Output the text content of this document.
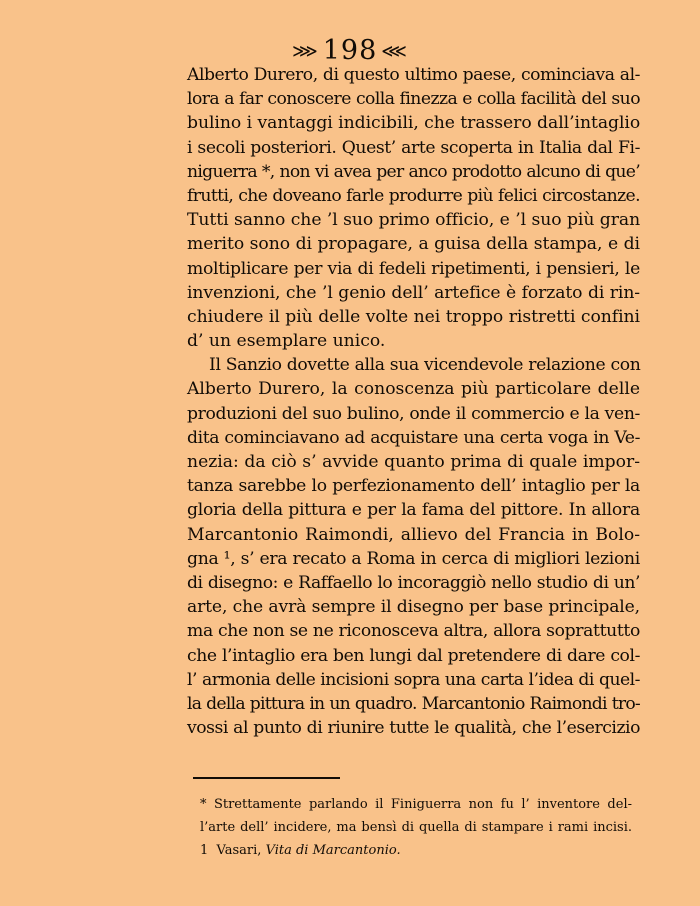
⋙ 198 ⋘
Alberto Durero, di questo ultimo paese, cominciava al-
lora a far conoscere colla finezza e colla facilità del suo
bulino i vantaggi indicibili, che trassero dall’intaglio
i secoli posteriori. Quest’ arte scoperta in Italia dal Fi-
niguerra *, non vi avea per anco prodotto alcuno di que’
frutti, che doveano farle produrre più felici circostanze.
Tutti sanno che ’l suo primo officio, e ’l suo più gran
merito sono di propagare, a guisa della stampa, e di
moltiplicare per via di fedeli ripetimenti, i pensieri, le
invenzioni, che ’l genio dell’ artefice è forzato di rin-
chiudere il più delle volte nei troppo ristretti confini
d’ un esemplare unico.
Il Sanzio dovette alla sua vicendevole relazione con
Alberto Durero, la conoscenza più particolare delle
produzioni del suo bulino, onde il commercio e la ven-
dita cominciavano ad acquistare una certa voga in Ve-
nezia: da ciò s’ avvide quanto prima di quale impor-
tanza sarebbe lo perfezionamento dell’ intaglio per la
gloria della pittura e per la fama del pittore. In allora
Marcantonio Raimondi, allievo del Francia in Bolo-
gna ¹, s’ era recato a Roma in cerca di migliori lezioni
di disegno: e Raffaello lo incoraggiò nello studio di un’
arte, che avrà sempre il disegno per base principale,
ma che non se ne riconosceva altra, allora soprattutto
che l’intaglio era ben lungi dal pretendere di dare col-
l’ armonia delle incisioni sopra una carta l’idea di quel-
la della pittura in un quadro. Marcantonio Raimondi tro-
vossi al punto di riunire tutte le qualità, che l’esercizio
* Strettamente parlando il Finiguerra non fu l’ inventore del-
l’arte dell’ incidere, ma bensì di quella di stampare i rami incisi.
1 Vasari, Vita di Marcantonio.
